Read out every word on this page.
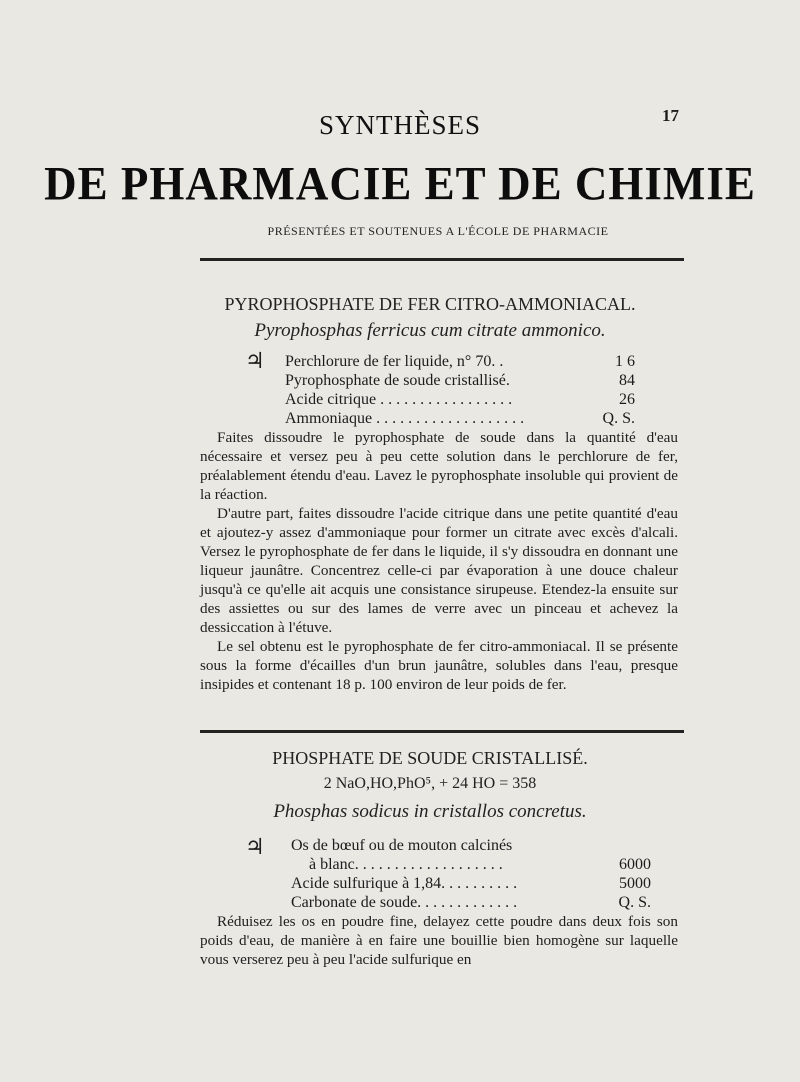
17
SYNTHÈSES
DE PHARMACIE ET DE CHIMIE
PRÉSENTÉES ET SOUTENUES A L'ÉCOLE DE PHARMACIE
PYROPHOSPHATE DE FER CITRO-AMMONIACAL.
Pyrophosphas ferricus cum citrate ammonico.
♃ Perchlorure de fer liquide, n° 70. .	1 6
Pyrophosphate de soude cristallisé.	84
Acide citrique . . . . . . . . . . . . . . . . .	26
Ammoniaque . . . . . . . . . . . . . . . . . . .	Q. S.

Faites dissoudre le pyrophosphate de soude dans la quantité d'eau nécessaire et versez peu à peu cette solution dans le perchlorure de fer, préalablement étendu d'eau. Lavez le pyrophosphate insoluble qui provient de la réaction.

D'autre part, faites dissoudre l'acide citrique dans une petite quantité d'eau et ajoutez-y assez d'ammoniaque pour former un citrate avec excès d'alcali. Versez le pyrophosphate de fer dans le liquide, il s'y dissoudra en donnant une liqueur jaunâtre. Concentrez celle-ci par évaporation à une douce chaleur jusqu'à ce qu'elle ait acquis une consistance sirupeuse. Etendez-la ensuite sur des assiettes ou sur des lames de verre avec un pinceau et achevez la dessiccation à l'étuve.

Le sel obtenu est le pyrophosphate de fer citro-ammoniacal. Il se présente sous la forme d'écailles d'un brun jaunâtre, solubles dans l'eau, presque insipides et contenant 18 p. 100 environ de leur poids de fer.

PHOSPHATE DE SOUDE CRISTALLISÉ.
2 NaO,HO,PhO⁵, + 24 HO = 358
Phosphas sodicus in cristallos concretus.
♃ Os de bœuf ou de mouton calcinés
à blanc. . . . . . . . . . . . . . . . . . .	6000
Acide sulfurique à 1,84. . . . . . . . . .	5000
Carbonate de soude. . . . . . . . . . . . .	Q. S.

Réduisez les os en poudre fine, delayez cette poudre dans deux fois son poids d'eau, de manière à en faire une bouillie bien homogène sur laquelle vous verserez peu à peu l'acide sulfurique en
